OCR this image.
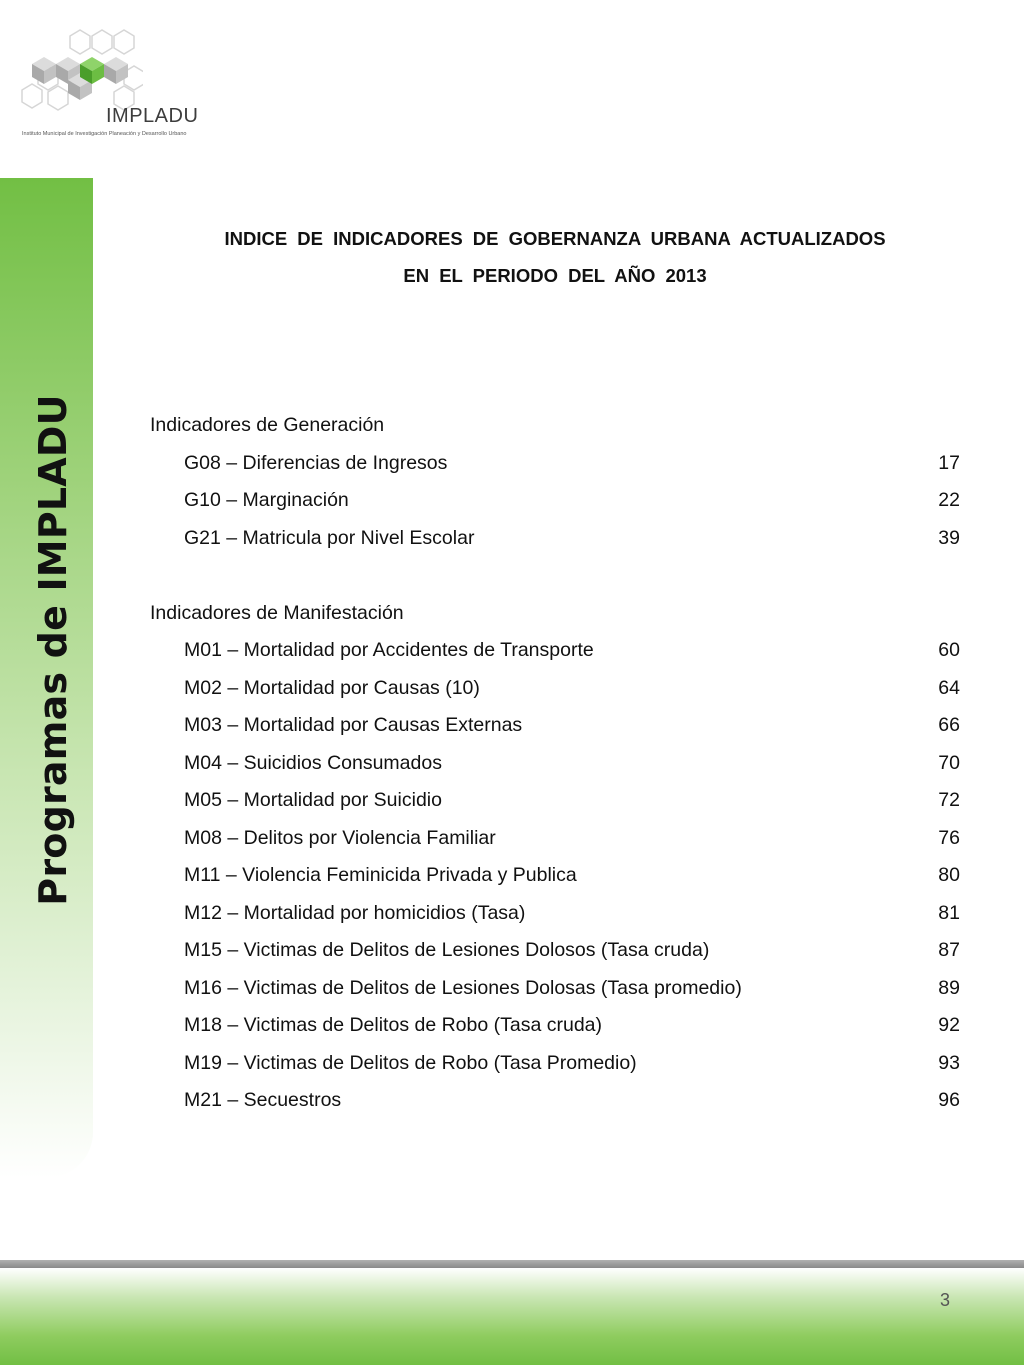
IMPLADU
Instituto Municipal de Investigación Planeación y Desarrollo Urbano
Programas de IMPLADU
INDICE DE INDICADORES DE GOBERNANZA URBANA ACTUALIZADOS
EN EL PERIODO DEL AÑO 2013
Indicadores de Generación
G08 – Diferencias de Ingresos	17
G10 – Marginación	22
G21 – Matricula por Nivel Escolar	39
Indicadores de Manifestación
M01 – Mortalidad por Accidentes de Transporte	60
M02 – Mortalidad por Causas (10)	64
M03 – Mortalidad por Causas Externas	66
M04 – Suicidios Consumados	70
M05 – Mortalidad por Suicidio	72
M08 – Delitos por Violencia Familiar	76
M11 – Violencia Feminicida Privada y Publica	80
M12 – Mortalidad por homicidios (Tasa)	81
M15 – Victimas de Delitos de Lesiones Dolosos (Tasa cruda)	87
M16 – Victimas de Delitos de Lesiones Dolosas (Tasa promedio)	89
M18 – Victimas de Delitos de Robo (Tasa cruda)	92
M19 – Victimas de Delitos de Robo (Tasa Promedio)	93
M21 – Secuestros	96
3
